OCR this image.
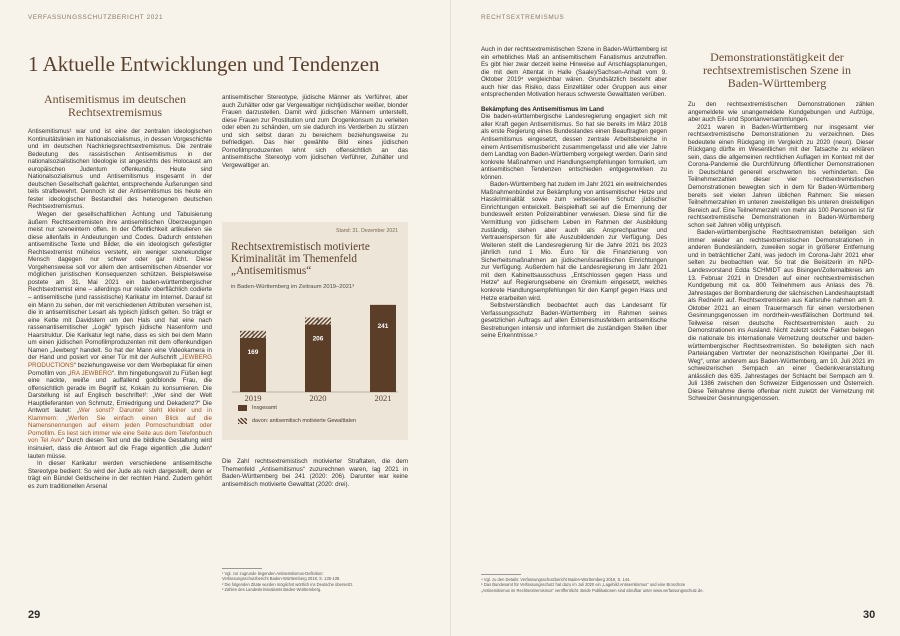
VERFASSUNGSSCHUTZBERICHT 2021
1 Aktuelle Entwicklungen und Tendenzen
Antisemitismus im deutschen Rechtsextremismus

Antisemitismus¹ war und ist eine der zentralen ideologischen Kontinuitätslinien im Nationalsozialismus, in dessen Vorgeschichte und im deutschen Nachkriegsrechtsextremismus. Die zentrale Bedeutung des rassistischen Antisemitismus in der nationalsozialistischen Ideologie ist angesichts des Holocaust am europäischen Judentum offenkundig. Heute sind Nationalsozialismus und Antisemitismus insgesamt in der deutschen Gesellschaft geächtet, entsprechende Äußerungen sind teils strafbewehrt. Dennoch ist der Antisemitismus bis heute ein fester ideologischer Bestandteil des heterogenen deutschen Rechtsextremismus.

Wegen der gesellschaftlichen Ächtung und Tabuisierung äußern Rechtsextremisten ihre antisemitischen Überzeugungen meist nur szeneintern offen. In der Öffentlichkeit artikulieren sie diese allenfalls in Andeutungen und Codes. Dadurch entstehen antisemitische Texte und Bilder, die ein ideologisch gefestigter Rechtsextremist mühelos versteht, ein weniger szenekundiger Mensch dagegen nur schwer oder gar nicht. Diese Vorgehensweise soll vor allem den antisemitischen Absender vor möglichen juristischen Konsequenzen schützen. Beispielsweise postete am 31. Mai 2021 ein baden-württembergischer Rechtsextremist eine – allerdings nur relativ oberflächlich codierte – antisemitische (und rassistische) Karikatur im Internet. Darauf ist ein Mann zu sehen, der mit verschiedenen Attributen versehen ist, die in antisemitischer Lesart als typisch jüdisch gelten. So trägt er eine Kette mit Davidstern um den Hals und hat eine nach rassenantisemitischer „Logik“ typisch jüdische Nasenform und Haarstruktur. Die Karikatur legt nahe, dass es sich bei dem Mann um einen jüdischen Pornofilmproduzenten mit dem offenkundigen Namen „Jewberg“ handelt. So hat der Mann eine Videokamera in der Hand und posiert vor einer Tür mit der Aufschrift „JEWBERG PRODUCTIONS“ beziehungsweise vor dem Werbeplakat für einen Pornofilm von „IRA JEWBERG“. Ihm hingebungsvoll zu Füßen liegt eine nackte, weiße und auffallend goldblonde Frau, die offensichtlich gerade im Begriff ist, Kokain zu konsumieren. Die Darstellung ist auf Englisch beschriftet²: „Wer sind der Welt Hauptlieferanten von Schmutz, Erniedrigung und Dekadenz?“ Die Antwort lautet: „Wer sonst? Darunter steht kleiner und in Klammern: „Werfen Sie einfach einen Blick auf die Namensnennungen auf einem jeden Pornoschundblatt oder Pornofilm. Es liest sich immer wie eine Seite aus dem Telefonbuch von Tel Aviv“ Durch diesen Text und die bildliche Gestaltung wird insinuiert, dass die Antwort auf die Frage eigentlich „die Juden“ lauten müsse.

In dieser Karikatur werden verschiedene antisemitische Stereotype bedient: So wird der Jude als reich dargestellt, denn er trägt ein Bündel Geldscheine in der rechten Hand. Zudem gehört es zum traditionellen Arsenal

antisemitischer Stereotype, jüdische Männer als Verführer, aber auch Zuhälter oder gar Vergewaltiger nichtjüdischer weißer, blonder Frauen darzustellen. Damit wird jüdischen Männern unterstellt, diese Frauen zur Prostitution und zum Drogenkonsum zu verleiten oder eben zu schänden, um sie dadurch ins Verderben zu stürzen und sich selbst daran zu bereichern beziehungsweise zu befriedigen. Das hier gewählte Bild eines jüdischen Pornofilmproduzenten lehnt sich offensichtlich an das antisemitische Stereotyp vom jüdischen Verführer, Zuhälter und Vergewaltiger an.

Stand: 31. Dezember 2021
Rechtsextremistisch motivierte Kriminalität im Themenfeld „Antisemitismus“
in Baden-Württemberg im Zeitraum 2019–2021³
1
169
2019
3
206
2020
241
2021
Insgesamt
davon: antisemitisch motivierte Gewalttaten

Die Zahl rechtsextremistisch motivierter Straftaten, die dem Themenfeld „Antisemitismus“ zuzurechnen waren, lag 2021 in Baden-Württemberg bei 241 (2020: 206). Darunter war keine antisemitisch motivierte Gewalttat (2020: drei).

¹ Vgl. zur zugrunde liegenden Antisemitismus-Definition:
Verfassungsschutzbericht Baden-Württemberg 2018, S. 135-139.
² Die folgenden Zitate wurden möglichst wörtlich ins Deutsche übersetzt.
³ Zahlen des Landeskriminalamts Baden-Württemberg.
29
RECHTSEXTREMISMUS

Auch in der rechtsextremistischen Szene in Baden-Württemberg ist ein erhebliches Maß an antisemitischem Fanatismus anzutreffen. Es gibt hier zwar derzeit keine Hinweise auf Anschlagsplanungen, die mit dem Attentat in Halle (Saale)/Sachsen-Anhalt vom 9. Oktober 2019⁴ vergleichbar wären. Grundsätzlich besteht aber auch hier das Risiko, dass Einzeltäter oder Gruppen aus einer entsprechenden Motivation heraus schwerste Gewalttaten verüben.

Bekämpfung des Antisemitismus im Land

Die baden-württembergische Landesregierung engagiert sich mit aller Kraft gegen Antisemitismus. So hat sie bereits im März 2018 als erste Regierung eines Bundeslandes einen Beauftragten gegen Antisemitismus eingesetzt, dessen zentrale Arbeitsbereiche in einem Antisemitismusbericht zusammengefasst und alle vier Jahre dem Landtag von Baden-Württemberg vorgelegt werden. Darin sind konkrete Maßnahmen und Handlungsempfehlungen formuliert, um antisemitischen Tendenzen entschieden entgegenwirken zu können.

Baden-Württemberg hat zudem im Jahr 2021 ein weitreichendes Maßnahmenbündel zur Bekämpfung von antisemitischer Hetze und Hasskriminalität sowie zum verbesserten Schutz jüdischer Einrichtungen entwickelt. Beispielhaft sei auf die Ernennung der bundesweit ersten Polizeirabbiner verwiesen. Diese sind für die Vermittlung von jüdischem Leben im Rahmen der Ausbildung zuständig, stehen aber auch als Ansprechpartner und Vertrauensperson für alle Auszubildenden zur Verfügung. Des Weiteren stellt die Landesregierung für die Jahre 2021 bis 2023 jährlich rund 1 Mio. Euro für die Finanzierung von Sicherheitsmaßnahmen an jüdischen/israelitischen Einrichtungen zur Verfügung. Außerdem hat die Landesregierung im Jahr 2021 mit dem Kabinettsausschuss „Entschlossen gegen Hass und Hetze“ auf Regierungsebene ein Gremium eingesetzt, welches konkrete Handlungsempfehlungen für den Kampf gegen Hass und Hetze erarbeiten wird.

Selbstverständlich beobachtet auch das Landesamt für Verfassungsschutz Baden-Württemberg im Rahmen seines gesetzlichen Auftrags auf allen Extremismusfeldern antisemitische Bestrebungen intensiv und informiert die zuständigen Stellen über seine Erkenntnisse.⁵

Demonstrationstätigkeit der rechtsextremistischen Szene in Baden-Württemberg

Zu den rechtsextremistischen Demonstrationen zählen angemeldete wie unangemeldete Kundgebungen und Aufzüge, aber auch Eil- und Spontanversammlungen.

2021 waren in Baden-Württemberg nur insgesamt vier rechtsextremistische Demonstrationen zu verzeichnen. Dies bedeutete einen Rückgang im Vergleich zu 2020 (neun). Dieser Rückgang dürfte im Wesentlichen mit der Tatsache zu erklären sein, dass die allgemeinen rechtlichen Auflagen im Kontext mit der Corona-Pandemie die Durchführung öffentlicher Demonstrationen in Deutschland generell erschwerten bis verhinderten. Die Teilnehmerzahlen dieser vier rechtsextremistischen Demonstrationen bewegten sich in dem für Baden-Württemberg bereits seit vielen Jahren üblichen Rahmen: Sie wiesen Teilnehmerzahlen im unteren zweistelligen bis unteren dreistelligen Bereich auf. Eine Teilnehmerzahl von mehr als 100 Personen ist für rechtsextremistische Demonstrationen in Baden-Württemberg schon seit Jahren völlig untypisch.

Baden-württembergische Rechtsextremisten beteiligen sich immer wieder an rechtsextremistischen Demonstrationen in anderen Bundesländern, zuweilen sogar in größerer Entfernung und in beträchtlicher Zahl, was jedoch im Corona-Jahr 2021 eher selten zu beobachten war. So trat die Beisitzerin im NPD-Landesvorstand Edda SCHMIDT aus Bisingen/Zollernalbkreis am 13. Februar 2021 in Dresden auf einer rechtsextremistischen Kundgebung mit ca. 800 Teilnehmern aus Anlass des 76. Jahrestages der Bombardierung der sächsischen Landeshauptstadt als Rednerin auf. Rechtsextremisten aus Karlsruhe nahmen am 9. Oktober 2021 an einem Trauermarsch für einen verstorbenen Gesinnungsgenossen im nordrhein-westfälischen Dortmund teil. Teilweise reisen deutsche Rechtsextremisten auch zu Demonstrationen ins Ausland. Nicht zuletzt solche Fakten belegen die nationale bis internationale Vernetzung deutscher und baden-württembergischer Rechtsextremisten. So beteiligten sich nach Parteiangaben Vertreter der neonazistischen Kleinpartei „Der III. Weg“, unter anderem aus Baden-Württemberg, am 10. Juli 2021 im schweizerischen Sempach an einer Gedenkveranstaltung anlässlich des 635. Jahrestages der Schlacht bei Sempach am 9. Juli 1386 zwischen den Schweizer Eidgenossen und Österreich. Diese Teilnahme diente offenbar nicht zuletzt der Vernetzung mit Schweizer Gesinnungsgenossen.

⁴ Vgl. zu den Details: Verfassungsschutzbericht Baden-Württemberg 2019, S. 144.
⁵ Das Bundesamt für Verfassungsschutz hat dazu im Juli 2020 ein „Lagebild Antisemitismus“ und eine Broschüre
„Antisemitismus im Rechtsextremismus“ veröffentlicht. Beide Publikationen sind abrufbar unter www.verfassungsschutz.de.
30
